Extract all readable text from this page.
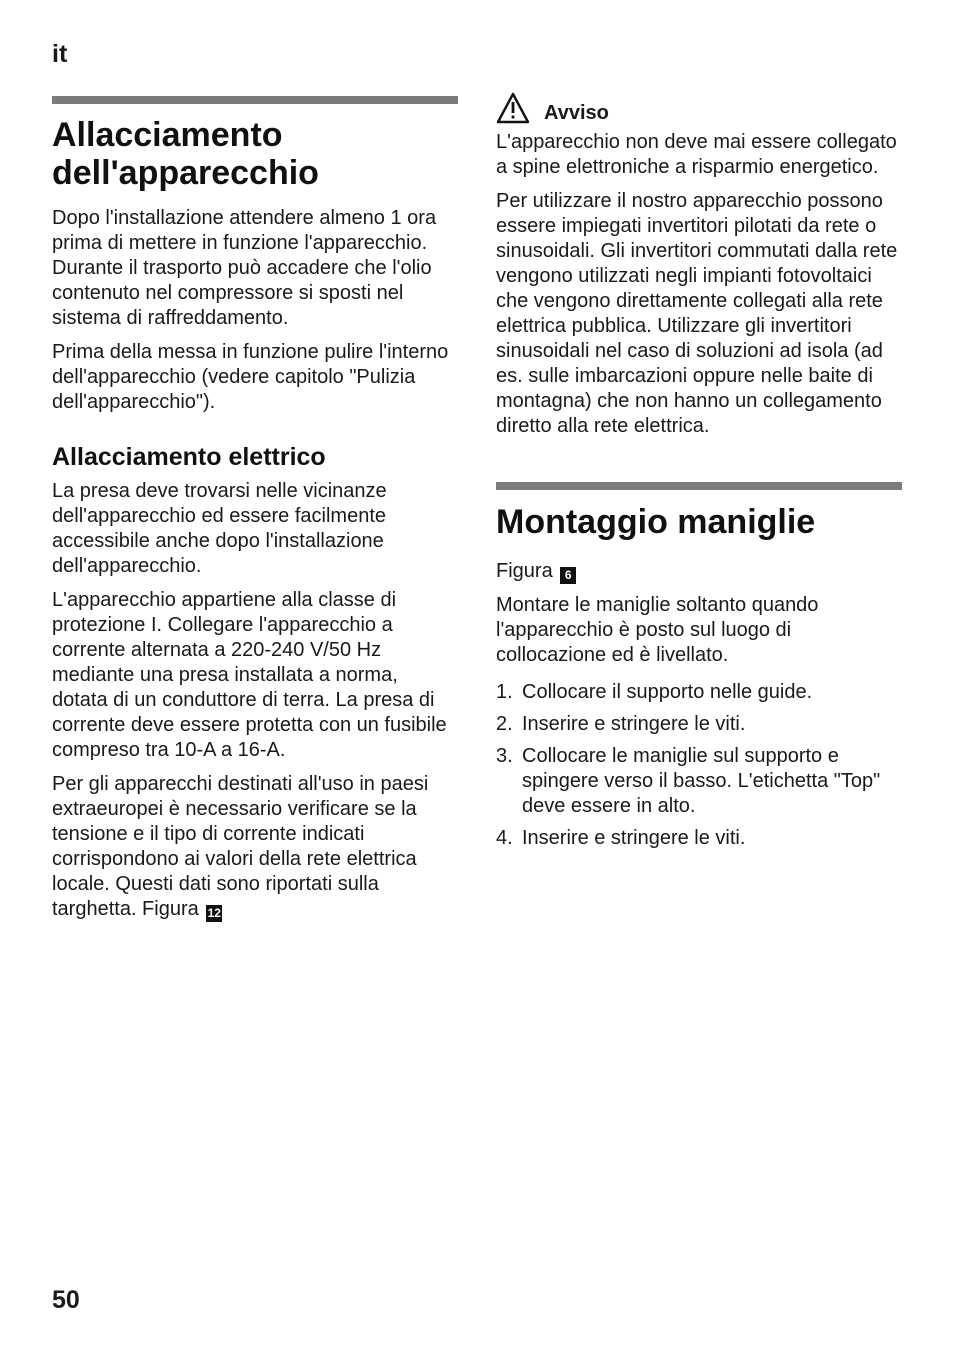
it
Allacciamento dell'apparecchio

Dopo l'installazione attendere almeno 1 ora prima di mettere in funzione l'apparecchio. Durante il trasporto può accadere che l'olio contenuto nel compressore si sposti nel sistema di raffreddamento.

Prima della messa in funzione pulire l'interno dell'apparecchio (vedere capitolo "Pulizia dell'apparecchio").

Allacciamento elettrico

La presa deve trovarsi nelle vicinanze dell'apparecchio ed essere facilmente accessibile anche dopo l'installazione dell'apparecchio.

L'apparecchio appartiene alla classe di protezione I. Collegare l'apparecchio a corrente alternata a 220-240 V/50 Hz mediante una presa installata a norma, dotata di un conduttore di terra. La presa di corrente deve essere protetta con un fusibile compreso tra 10-A a 16-A.

Per gli apparecchi destinati all'uso in paesi extraeuropei è necessario verificare se la tensione e il tipo di corrente indicati corrispondono ai valori della rete elettrica locale. Questi dati sono riportati sulla targhetta. Figura 12

Avviso

L'apparecchio non deve mai essere collegato a spine elettroniche a risparmio energetico.

Per utilizzare il nostro apparecchio possono essere impiegati invertitori pilotati da rete o sinusoidali. Gli invertitori commutati dalla rete vengono utilizzati negli impianti fotovoltaici che vengono direttamente collegati alla rete elettrica pubblica. Utilizzare gli invertitori sinusoidali nel caso di soluzioni ad isola (ad es. sulle imbarcazioni oppure nelle baite di montagna) che non hanno un collegamento diretto alla rete elettrica.

Montaggio maniglie

Figura 6

Montare le maniglie soltanto quando l'apparecchio è posto sul luogo di collocazione ed è livellato.

1. Collocare il supporto nelle guide.
2. Inserire e stringere le viti.
3. Collocare le maniglie sul supporto e spingere verso il basso. L'etichetta "Top" deve essere in alto.
4. Inserire e stringere le viti.
50
